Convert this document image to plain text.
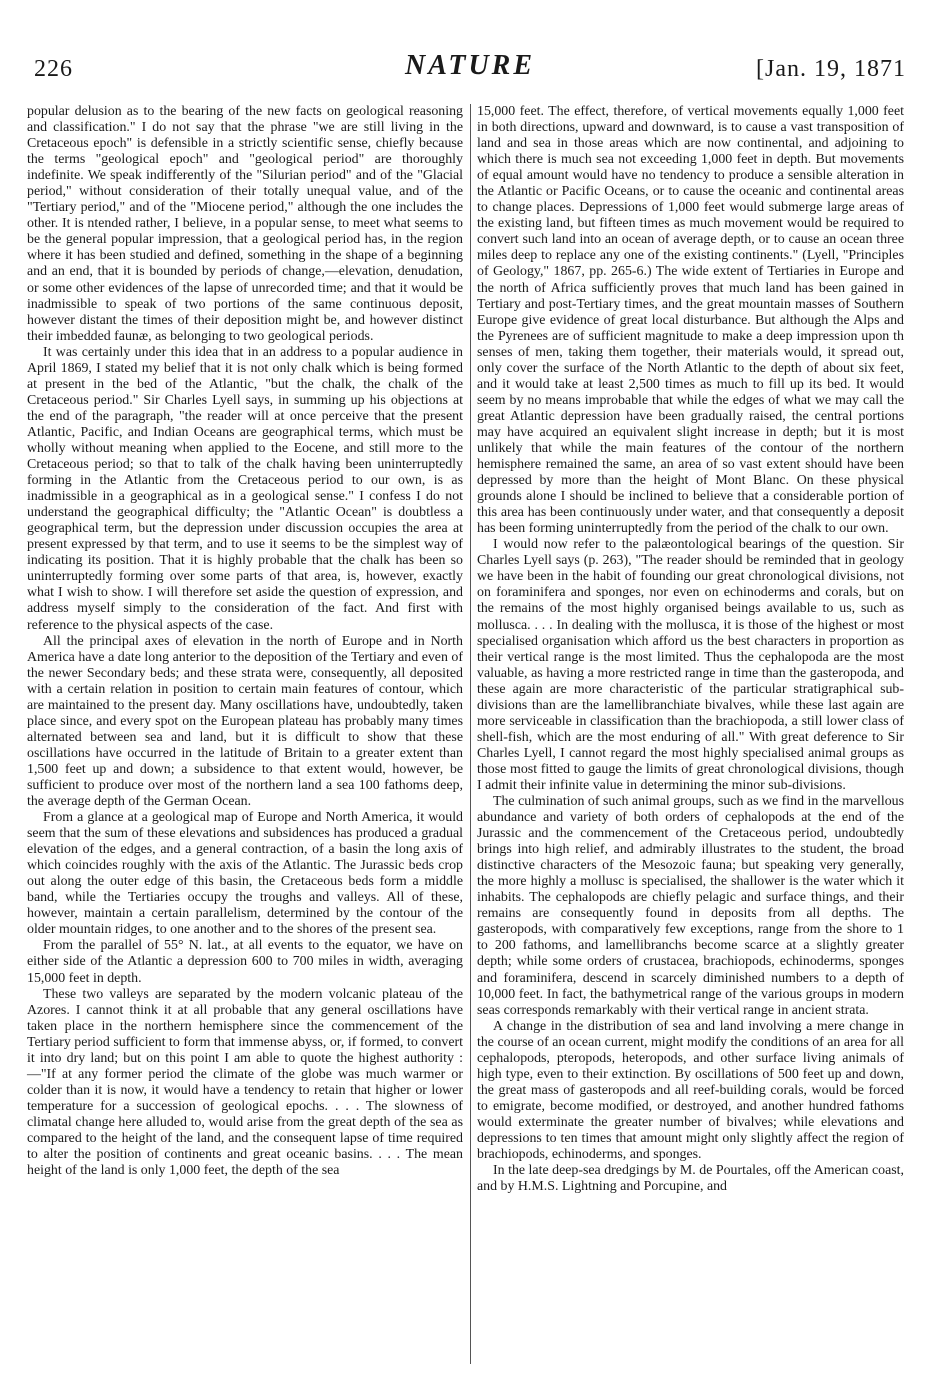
226	NATURE	[Jan. 19, 1871

popular delusion as to the bearing of the new facts on geological reasoning and classification." I do not say that the phrase "we are still living in the Cretaceous epoch" is defensible in a strictly scientific sense, chiefly because the terms "geological epoch" and "geological period" are thoroughly indefinite. We speak indifferently of the "Silurian period" and of the "Glacial period," without consideration of their totally unequal value, and of the "Tertiary period," and of the "Miocene period," although the one includes the other. It is ntended rather, I believe, in a popular sense, to meet what seems to be the general popular impression, that a geological period has, in the region where it has been studied and defined, something in the shape of a beginning and an end, that it is bounded by periods of change,—elevation, denudation, or some other evidences of the lapse of unrecorded time; and that it would be inadmissible to speak of two portions of the same continuous deposit, however distant the times of their deposition might be, and however distinct their imbedded faunæ, as belonging to two geological periods.

It was certainly under this idea that in an address to a popular audience in April 1869, I stated my belief that it is not only chalk which is being formed at present in the bed of the Atlantic, "but the chalk, the chalk of the Cretaceous period." Sir Charles Lyell says, in summing up his objections at the end of the paragraph, "the reader will at once perceive that the present Atlantic, Pacific, and Indian Oceans are geographical terms, which must be wholly without meaning when applied to the Eocene, and still more to the Cretaceous period; so that to talk of the chalk having been uninterruptedly forming in the Atlantic from the Cretaceous period to our own, is as inadmissible in a geographical as in a geological sense." I confess I do not understand the geographical difficulty; the "Atlantic Ocean" is doubtless a geographical term, but the depression under discussion occupies the area at present expressed by that term, and to use it seems to be the simplest way of indicating its position. That it is highly probable that the chalk has been so uninterruptedly forming over some parts of that area, is, however, exactly what I wish to show. I will therefore set aside the question of expression, and address myself simply to the consideration of the fact. And first with reference to the physical aspects of the case.

All the principal axes of elevation in the north of Europe and in North America have a date long anterior to the deposition of the Tertiary and even of the newer Secondary beds; and these strata were, consequently, all deposited with a certain relation in position to certain main features of contour, which are maintained to the present day. Many oscillations have, undoubtedly, taken place since, and every spot on the European plateau has probably many times alternated between sea and land, but it is difficult to show that these oscillations have occurred in the latitude of Britain to a greater extent than 1,500 feet up and down; a subsidence to that extent would, however, be sufficient to produce over most of the northern land a sea 100 fathoms deep, the average depth of the German Ocean.

From a glance at a geological map of Europe and North America, it would seem that the sum of these elevations and subsidences has produced a gradual elevation of the edges, and a general contraction, of a basin the long axis of which coincides roughly with the axis of the Atlantic. The Jurassic beds crop out along the outer edge of this basin, the Cretaceous beds form a middle band, while the Tertiaries occupy the troughs and valleys. All of these, however, maintain a certain parallelism, determined by the contour of the older mountain ridges, to one another and to the shores of the present sea.

From the parallel of 55° N. lat., at all events to the equator, we have on either side of the Atlantic a depression 600 to 700 miles in width, averaging 15,000 feet in depth.

These two valleys are separated by the modern volcanic plateau of the Azores. I cannot think it at all probable that any general oscillations have taken place in the northern hemisphere since the commencement of the Tertiary period sufficient to form that immense abyss, or, if formed, to convert it into dry land; but on this point I am able to quote the highest authority :—"If at any former period the climate of the globe was much warmer or colder than it is now, it would have a tendency to retain that higher or lower temperature for a succession of geological epochs. . . . The slowness of climatal change here alluded to, would arise from the great depth of the sea as compared to the height of the land, and the consequent lapse of time required to alter the position of continents and great oceanic basins. . . . The mean height of the land is only 1,000 feet, the depth of the sea

15,000 feet. The effect, therefore, of vertical movements equally 1,000 feet in both directions, upward and downward, is to cause a vast transposition of land and sea in those areas which are now continental, and adjoining to which there is much sea not exceeding 1,000 feet in depth. But movements of equal amount would have no tendency to produce a sensible alteration in the Atlantic or Pacific Oceans, or to cause the oceanic and continental areas to change places. Depressions of 1,000 feet would submerge large areas of the existing land, but fifteen times as much movement would be required to convert such land into an ocean of average depth, or to cause an ocean three miles deep to replace any one of the existing continents." (Lyell, "Principles of Geology," 1867, pp. 265-6.) The wide extent of Tertiaries in Europe and the north of Africa sufficiently proves that much land has been gained in Tertiary and post-Tertiary times, and the great mountain masses of Southern Europe give evidence of great local disturbance. But although the Alps and the Pyrenees are of sufficient magnitude to make a deep impression upon th senses of men, taking them together, their materials would, it spread out, only cover the surface of the North Atlantic to the depth of about six feet, and it would take at least 2,500 times as much to fill up its bed. It would seem by no means improbable that while the edges of what we may call the great Atlantic depression have been gradually raised, the central portions may have acquired an equivalent slight increase in depth; but it is most unlikely that while the main features of the contour of the northern hemisphere remained the same, an area of so vast extent should have been depressed by more than the height of Mont Blanc. On these physical grounds alone I should be inclined to believe that a considerable portion of this area has been continuously under water, and that consequently a deposit has been forming uninterruptedly from the period of the chalk to our own.

I would now refer to the palæontological bearings of the question. Sir Charles Lyell says (p. 263), "The reader should be reminded that in geology we have been in the habit of founding our great chronological divisions, not on foraminifera and sponges, nor even on echinoderms and corals, but on the remains of the most highly organised beings available to us, such as mollusca. . . . In dealing with the mollusca, it is those of the highest or most specialised organisation which afford us the best characters in proportion as their vertical range is the most limited. Thus the cephalopoda are the most valuable, as having a more restricted range in time than the gasteropoda, and these again are more characteristic of the particular stratigraphical sub-divisions than are the lamellibranchiate bivalves, while these last again are more serviceable in classification than the brachiopoda, a still lower class of shell-fish, which are the most enduring of all." With great deference to Sir Charles Lyell, I cannot regard the most highly specialised animal groups as those most fitted to gauge the limits of great chronological divisions, though I admit their infinite value in determining the minor sub-divisions.

The culmination of such animal groups, such as we find in the marvellous abundance and variety of both orders of cephalopods at the end of the Jurassic and the commencement of the Cretaceous period, undoubtedly brings into high relief, and admirably illustrates to the student, the broad distinctive characters of the Mesozoic fauna; but speaking very generally, the more highly a mollusc is specialised, the shallower is the water which it inhabits. The cephalopods are chiefly pelagic and surface things, and their remains are consequently found in deposits from all depths. The gasteropods, with comparatively few exceptions, range from the shore to 1 to 200 fathoms, and lamellibranchs become scarce at a slightly greater depth; while some orders of crustacea, brachiopods, echinoderms, sponges and foraminifera, descend in scarcely diminished numbers to a depth of 10,000 feet. In fact, the bathymetrical range of the various groups in modern seas corresponds remarkably with their vertical range in ancient strata.

A change in the distribution of sea and land involving a mere change in the course of an ocean current, might modify the conditions of an area for all cephalopods, pteropods, heteropods, and other surface living animals of high type, even to their extinction. By oscillations of 500 feet up and down, the great mass of gasteropods and all reef-building corals, would be forced to emigrate, become modified, or destroyed, and another hundred fathoms would exterminate the greater number of bivalves; while elevations and depressions to ten times that amount might only slightly affect the region of brachiopods, echinoderms, and sponges.

In the late deep-sea dredgings by M. de Pourtales, off the American coast, and by H.M.S. Lightning and Porcupine, and
